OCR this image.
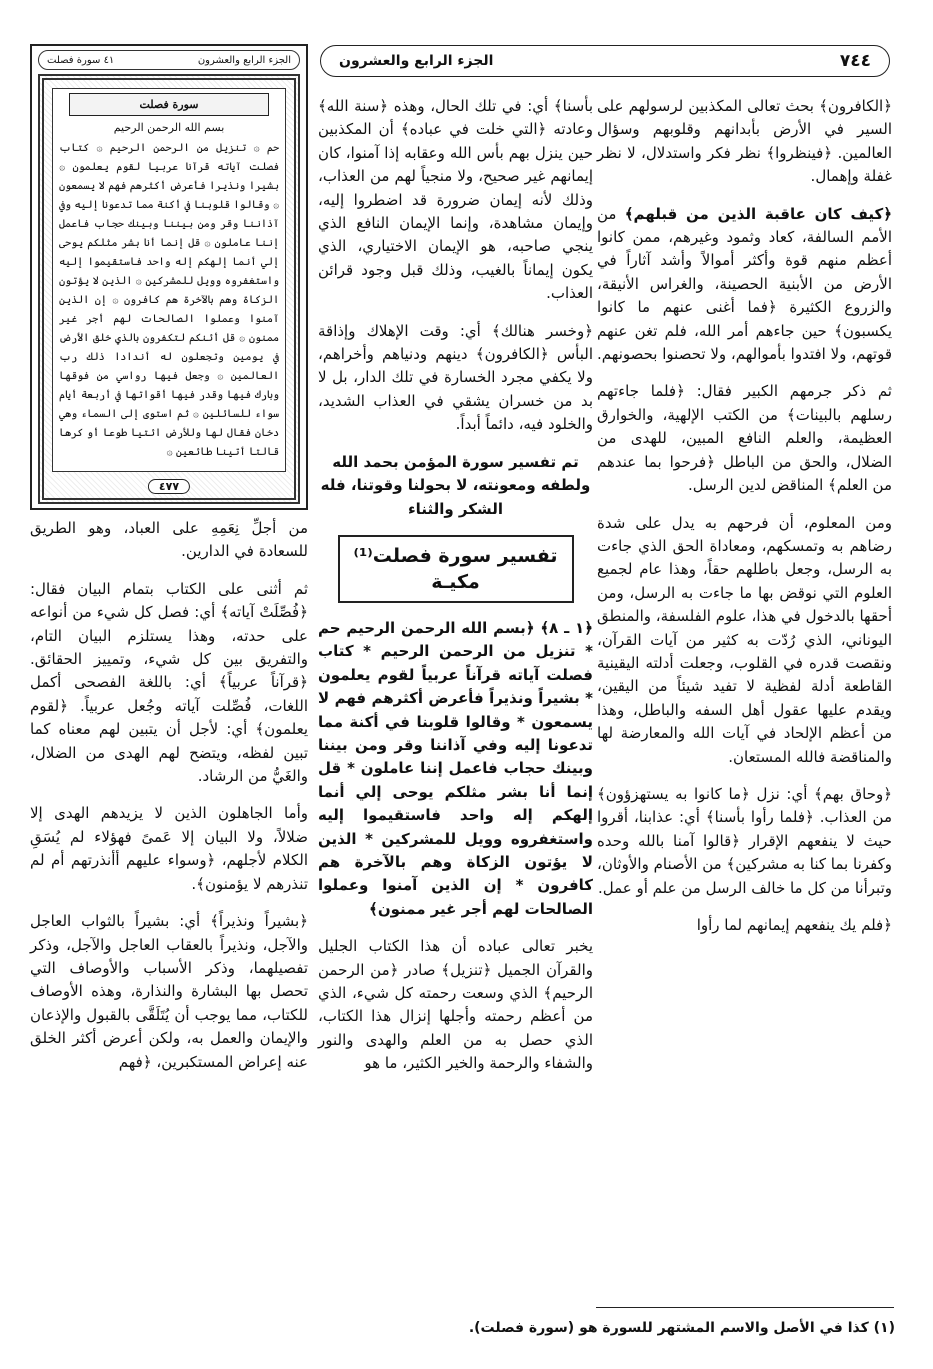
٧٤٤
الجزء الرابع والعشرون

﴿الكافرون﴾ بحث تعالى المكذبين لرسولهم على السير في الأرض بأبدانهم وقلوبهم وسؤال العالمين. ﴿فينظروا﴾ نظر فكر واستدلال، لا نظر غفلة وإهمال.

﴿كيف كان عاقبة الذين من قبلهم﴾ من الأمم السالفة، كعاد وثمود وغيرهم، ممن كانوا أعظم منهم قوة وأكثر أموالاً وأشد آثاراً في الأرض من الأبنية الحصينة، والغراس الأنيقة، والزروع الكثيرة ﴿فما أغنى عنهم ما كانوا يكسبون﴾ حين جاءهم أمر الله، فلم تغن عنهم قوتهم، ولا افتدوا بأموالهم، ولا تحصنوا بحصونهم.

ثم ذكر جرمهم الكبير فقال: ﴿فلما جاءتهم رسلهم بالبينات﴾ من الكتب الإلهية، والخوارق العظيمة، والعلم النافع المبين، للهدى من الضلال، والحق من الباطل ﴿فرحوا بما عندهم من العلم﴾ المناقض لدين الرسل.

ومن المعلوم، أن فرحهم به يدل على شدة رضاهم به وتمسكهم، ومعاداة الحق الذي جاءت به الرسل، وجعل باطلهم حقاً، وهذا عام لجميع العلوم التي نوقض بها ما جاءت به الرسل، ومن أحقها بالدخول في هذا، علوم الفلسفة، والمنطق اليوناني، الذي رُدّت به كثير من آيات القرآن، ونقصت قدره في القلوب، وجعلت أدلته اليقينية القاطعة أدلة لفظية لا تفيد شيئاً من اليقين، ويقدم عليها عقول أهل السفه والباطل، وهذا من أعظم الإلحاد في آيات الله والمعارضة لها والمناقضة فالله المستعان.

﴿وحاق بهم﴾ أي: نزل ﴿ما كانوا به يستهزؤون﴾ من العذاب. ﴿فلما رأوا بأسنا﴾ أي: عذابنا، أقروا حيث لا ينفعهم الإقرار ﴿قالوا آمنا بالله وحده وكفرنا بما كنا به مشركين﴾ من الأصنام والأوثان، وتبرأنا من كل ما خالف الرسل من علم أو عمل.

﴿فلم يك ينفعهم إيمانهم لما رأوا

بأسنا﴾ أي: في تلك الحال، وهذه ﴿سنة الله﴾ وعادته ﴿التي خلت في عباده﴾ أن المكذبين حين ينزل بهم بأس الله وعقابه إذا آمنوا، كان إيمانهم غير صحيح، ولا منجياً لهم من العذاب، وذلك لأنه إيمان ضرورة قد اضطروا إليه، وإيمان مشاهدة، وإنما الإيمان النافع الذي ينجي صاحبه، هو الإيمان الاختياري، الذي يكون إيماناً بالغيب، وذلك قبل وجود قرائن العذاب.

﴿وخسر هنالك﴾ أي: وقت الإهلاك وإذاقة البأس ﴿الكافرون﴾ دينهم ودنياهم وأخراهم، ولا يكفي مجرد الخسارة في تلك الدار، بل لا بد من خسران يشقي في العذاب الشديد، والخلود فيه، دائماً أبداً.

تم تفسير سورة المؤمن بحمد الله ولطفه ومعونته، لا بحولنا وقوتنا، فله الشكر والثناء

تفسير سورة فصلت⁽¹⁾
مكيـة

﴿١ ـ ٨﴾ ﴿بسم الله الرحمن الرحيم حم * تنزيل من الرحمن الرحيم * كتاب فصلت آياته قرآناً عربياً لقوم يعلمون * بشيراً ونذيراً فأعرض أكثرهم فهم لا يسمعون * وقالوا قلوبنا في أكنة مما تدعونا إليه وفي آذاننا وقر ومن بيننا وبينك حجاب فاعمل إننا عاملون * قل إنما أنا بشر مثلكم يوحى إلي أنما إلهكم إله واحد فاستقيموا إليه واستغفروه وويل للمشركين * الذين لا يؤتون الزكاة وهم بالآخرة هم كافرون * إن الذين آمنوا وعملوا الصالحات لهم أجر غير ممنون﴾

يخبر تعالى عباده أن هذا الكتاب الجليل والقرآن الجميل ﴿تنزيل﴾ صادر ﴿من الرحمن الرحيم﴾ الذي وسعت رحمته كل شيء، الذي من أعظم رحمته وأجلها إنزال هذا الكتاب، الذي حصل به من العلم والهدى والنور والشفاء والرحمة والخير الكثير، ما هو

الجزء الرابع والعشرون
٤١ سورة فصلت
سورة فصلت
بسم الله الرحمن الرحيم
حم ۞ تنزيل من الرحمن الرحيم ۞ كتاب فصلت آياته قرآنا عربيا لقوم يعلمون ۞ بشيرا ونذيرا فأعرض أكثرهم فهم لا يسمعون ۞ وقالوا قلوبنا في أكنة مما تدعونا إليه وفي آذاننا وقر ومن بيننا وبينك حجاب فاعمل إننا عاملون ۞ قل إنما أنا بشر مثلكم يوحى إلي أنما إلهكم إله واحد فاستقيموا إليه واستغفروه وويل للمشركين ۞ الذين لا يؤتون الزكاة وهم بالآخرة هم كافرون ۞ إن الذين آمنوا وعملوا الصالحات لهم أجر غير ممنون ۞ قل أئنكم لتكفرون بالذي خلق الأرض في يومين وتجعلون له أندادا ذلك رب العالمين ۞ وجعل فيها رواسي من فوقها وبارك فيها وقدر فيها أقواتها في أربعة أيام سواء للسائلين ۞ ثم استوى إلى السماء وهي دخان فقال لها وللأرض ائتيا طوعا أو كرها قالتا أتينا طائعين ۞
٤٧٧

من أجلِّ نِعَمِهِ على العباد، وهو الطريق للسعادة في الدارين.

ثم أثنى على الكتاب بتمام البيان فقال: ﴿فُصِّلَتْ آياته﴾ أي: فصل كل شيء من أنواعه على حدته، وهذا يستلزم البيان التام، والتفريق بين كل شيء، وتمييز الحقائق. ﴿قرآناً عربياً﴾ أي: باللغة الفصحى أكمل اللغات، فُصِّلت آياته وجُعل عربياً. ﴿لقوم يعلمون﴾ أي: لأجل أن يتبين لهم معناه كما تبين لفظه، ويتضح لهم الهدى من الضلال، والغَيُّ من الرشاد.

وأما الجاهلون الذين لا يزيدهم الهدى إلا ضلالاً، ولا البيان إلا عَمىً فهؤلاء لم يُسَقِ الكلام لأجلهم، ﴿وسواء عليهم أأنذرتهم أم لم تنذرهم لا يؤمنون﴾.

﴿بشيراً ونذيراً﴾ أي: بشيراً بالثواب العاجل والآجل، ونذيراً بالعقاب العاجل والآجل، وذكر تفصيلهما، وذكر الأسباب والأوصاف التي تحصل بها البشارة والنذارة، وهذه الأوصاف للكتاب، مما يوجب أن يُتَلَقَّى بالقبول والإذعان والإيمان والعمل به، ولكن أعرض أكثر الخلق عنه إعراض المستكبرين، ﴿فهم

(١) كذا في الأصل والاسم المشتهر للسورة هو (سورة فصلت).
